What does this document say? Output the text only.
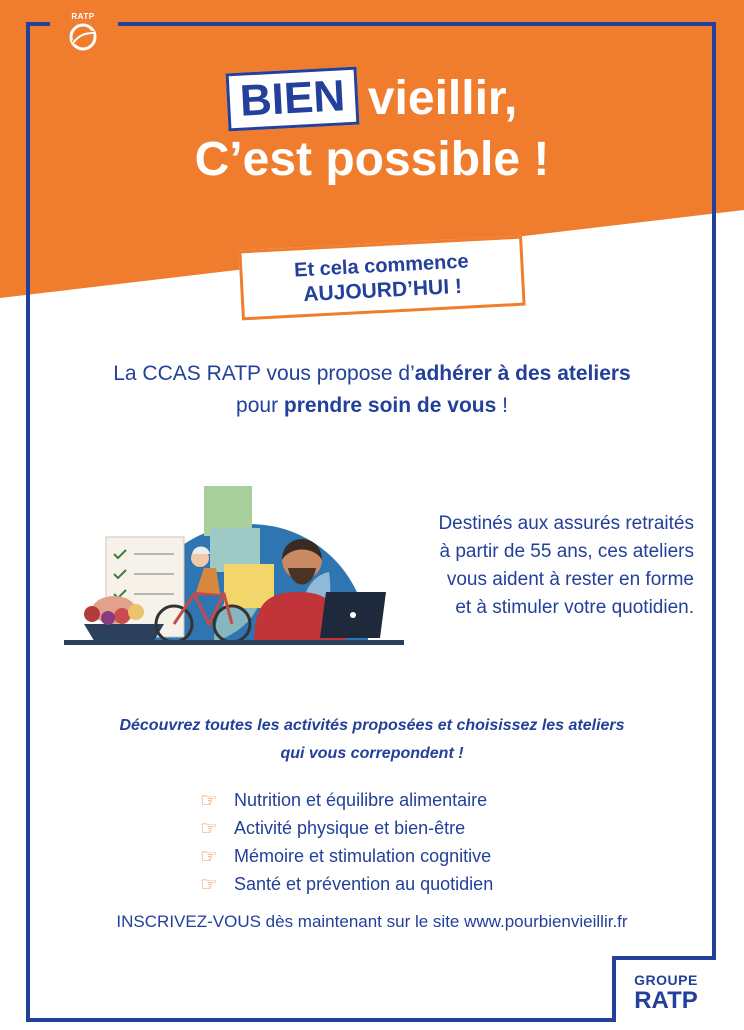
RATP
BIEN vieillir,
C’est possible !
Et cela commence
AUJOURD’HUI !
La CCAS RATP vous propose d’adhérer à des ateliers
pour prendre soin de vous !
Destinés aux assurés retraités
à partir de 55 ans, ces ateliers
vous aident à rester en forme
et à stimuler votre quotidien.
Découvrez toutes les activités proposées et choisissez les ateliers
qui vous correpondent !
☞ Nutrition et équilibre alimentaire
☞ Activité physique et bien-être
☞ Mémoire et stimulation cognitive
☞ Santé et prévention au quotidien
INSCRIVEZ-VOUS dès maintenant sur le site www.pourbienvieillir.fr
GROUPE
RATP
